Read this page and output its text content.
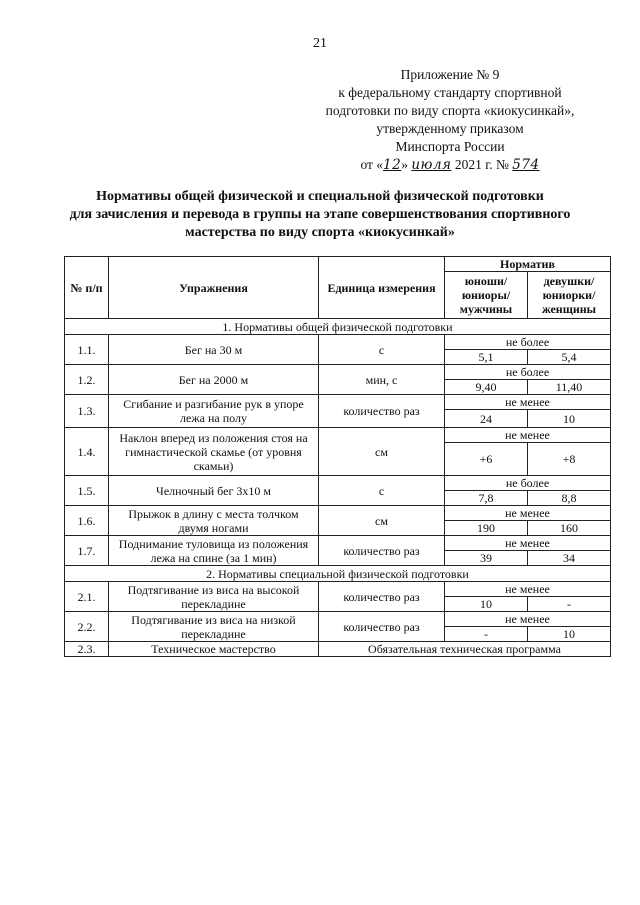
21
Приложение № 9
к федеральному стандарту спортивной
подготовки по виду спорта «киокусинкай»,
утвержденному приказом
Минспорта России
от «12» июля 2021 г. № 574
Нормативы общей физической и специальной физической подготовки
для зачисления и перевода в группы на этапе совершенствования спортивного
мастерства по виду спорта «киокусинкай»
№ п/п	Упражнения	Единица измерения	Норматив	
			юноши/ юниоры/ мужчины	девушки/ юниорки/ женщины
1. Нормативы общей физической подготовки				
1.1.	Бег на 30 м	с	не более	
			5,1	5,4
1.2.	Бег на 2000 м	мин, с	не более	
			9,40	11,40
1.3.	Сгибание и разгибание рук в упоре лежа на полу	количество раз	не менее	
			24	10
1.4.	Наклон вперед из положения стоя на гимнастической скамье (от уровня скамьи)	см	не менее	
			+6	+8
1.5.	Челночный бег 3х10 м	с	не более	
			7,8	8,8
1.6.	Прыжок в длину с места толчком двумя ногами	см	не менее	
			190	160
1.7.	Поднимание туловища из положения лежа на спине (за 1 мин)	количество раз	не менее	
			39	34
2. Нормативы специальной физической подготовки				
2.1.	Подтягивание из виса на высокой перекладине	количество раз	не менее	
			10	-
2.2.	Подтягивание из виса на низкой перекладине	количество раз	не менее	
			-	10
2.3.	Техническое мастерство	Обязательная техническая программа		
